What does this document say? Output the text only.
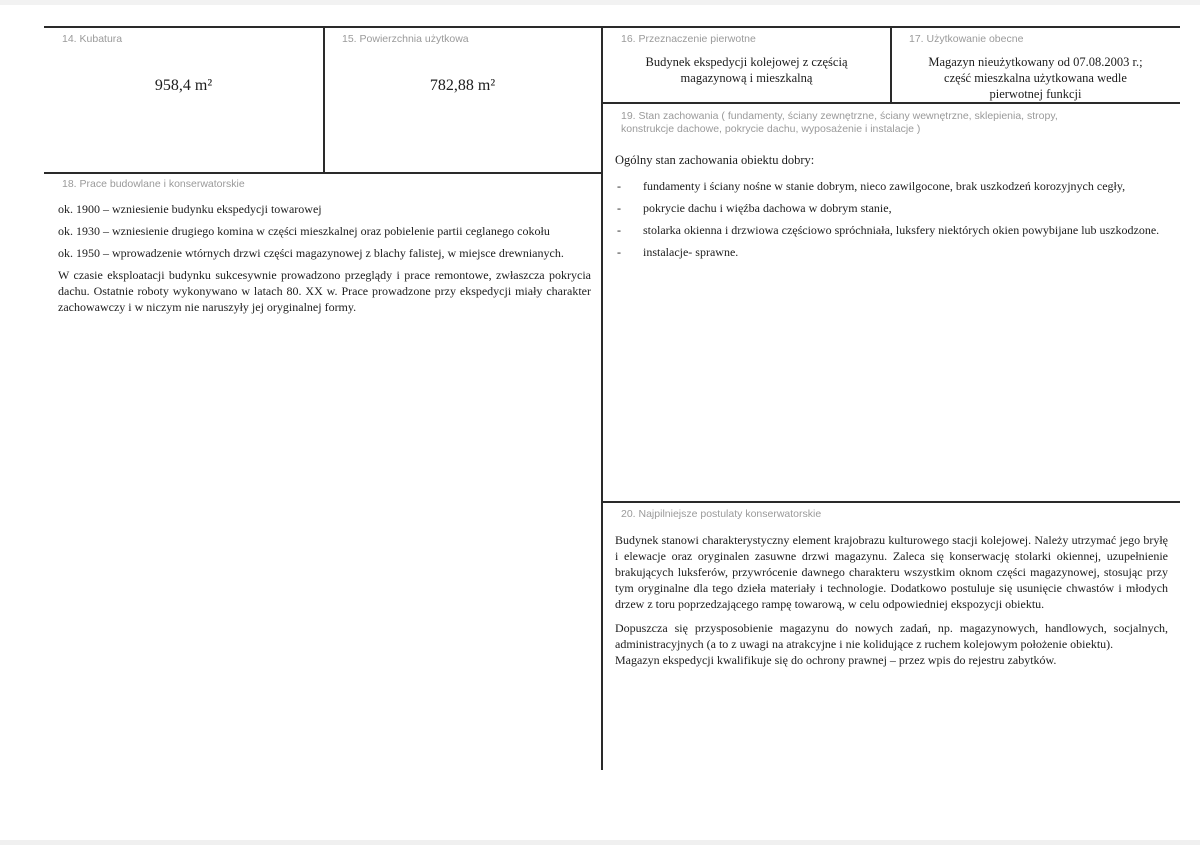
14. Kubatura
958,4 m²
15. Powierzchnia użytkowa
782,88 m²
16. Przeznaczenie pierwotne
Budynek ekspedycji kolejowej z częścią magazynową i mieszkalną
17. Użytkowanie obecne
Magazyn nieużytkowany od 07.08.2003 r.;
część mieszkalna użytkowana wedle
pierwotnej funkcji
18. Prace budowlane i konserwatorskie
ok. 1900 – wzniesienie budynku ekspedycji towarowej
ok. 1930 – wzniesienie drugiego komina w części mieszkalnej oraz pobielenie partii ceglanego cokołu
ok. 1950 – wprowadzenie wtórnych drzwi części magazynowej z blachy falistej, w miejsce drewnianych.

W czasie eksploatacji budynku sukcesywnie prowadzono przeglądy i prace remontowe, zwłaszcza pokrycia dachu. Ostatnie roboty wykonywano w latach 80. XX w. Prace prowadzone przy ekspedycji miały charakter zachowawczy i w niczym nie naruszyły jej oryginalnej formy.

19. Stan zachowania ( fundamenty, ściany zewnętrzne, ściany wewnętrzne, sklepienia, stropy,
konstrukcje dachowe, pokrycie dachu, wyposażenie i instalacje )

Ogólny stan zachowania obiektu dobry:

-	fundamenty i ściany nośne w stanie dobrym, nieco zawilgocone, brak uszkodzeń korozyjnych cegły,
-	pokrycie dachu i więźba dachowa w dobrym stanie,
-	stolarka okienna i drzwiowa częściowo spróchniała, luksfery niektórych okien powybijane lub uszkodzone.
-	instalacje- sprawne.
20. Najpilniejsze postulaty konserwatorskie

Budynek stanowi charakterystyczny element krajobrazu kulturowego stacji kolejowej. Należy utrzymać jego bryłę i elewacje oraz oryginalen zasuwne drzwi magazynu. Zaleca się konserwację stolarki okiennej, uzupełnienie brakujących luksferów, przywrócenie dawnego charakteru wszystkim oknom części magazynowej, stosując przy tym oryginalne dla tego dzieła materiały i technologie. Dodatkowo postuluje się usunięcie chwastów i młodych drzew z toru poprzedzającego rampę towarową, w celu odpowiedniej ekspozycji obiektu.

Dopuszcza się przysposobienie magazynu do nowych zadań, np. magazynowych, handlowych, socjalnych, administracyjnych (a to z uwagi na atrakcyjne i nie kolidujące z ruchem kolejowym położenie obiektu).

Magazyn ekspedycji kwalifikuje się do ochrony prawnej – przez wpis do rejestru zabytków.
